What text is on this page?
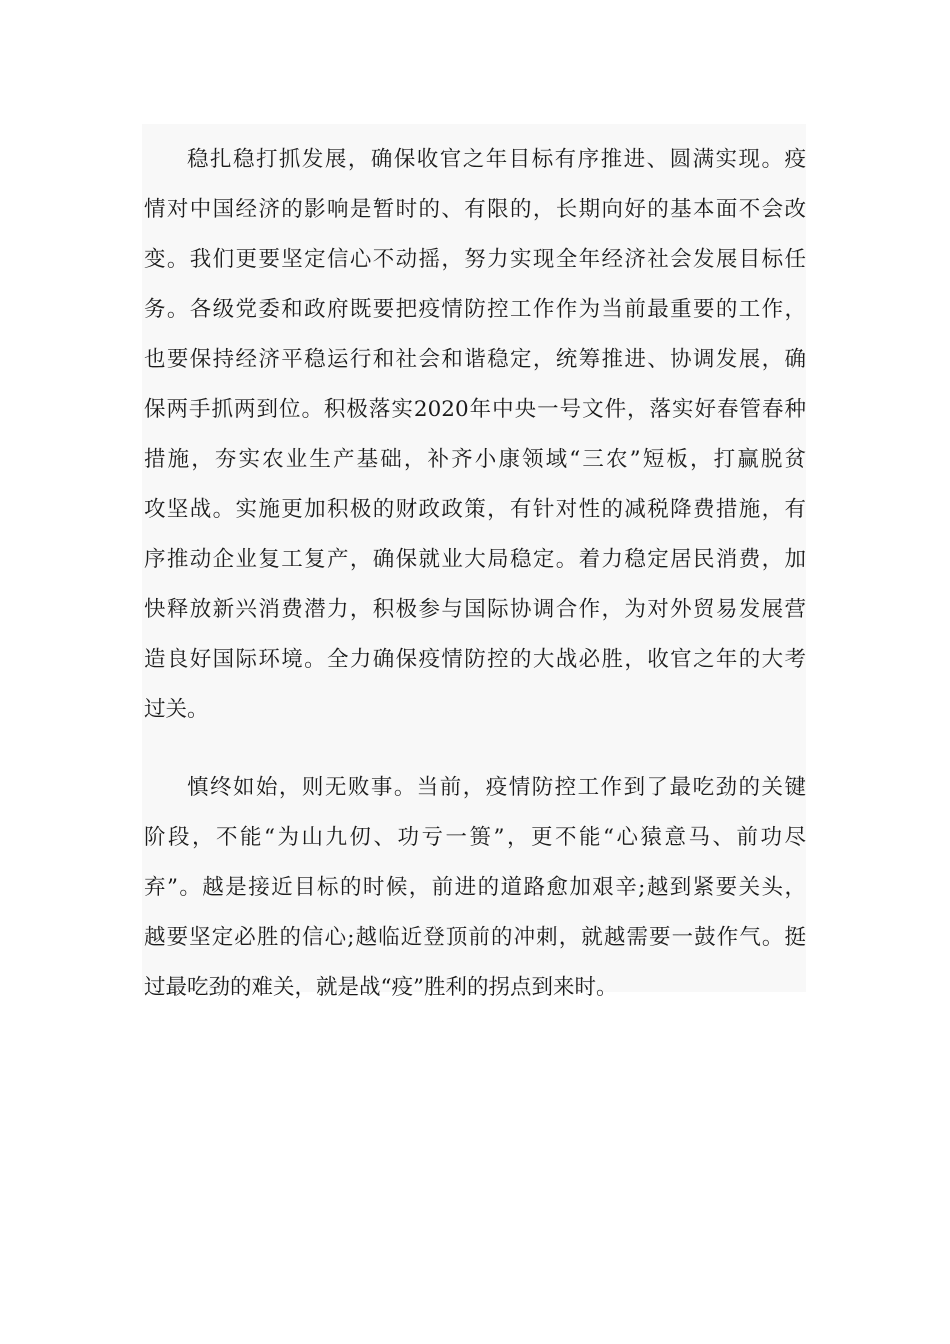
稳扎稳打抓发展，确保收官之年目标有序推进、圆满实现。疫
情对中国经济的影响是暂时的、有限的，长期向好的基本面不会改
变。我们更要坚定信心不动摇，努力实现全年经济社会发展目标任
务。各级党委和政府既要把疫情防控工作作为当前最重要的工作，
也要保持经济平稳运行和社会和谐稳定，统筹推进、协调发展，确
保两手抓两到位。积极落实2020年中央一号文件，落实好春管春种
措施，夯实农业生产基础，补齐小康领域“三农”短板，打赢脱贫
攻坚战。实施更加积极的财政政策，有针对性的减税降费措施，有
序推动企业复工复产，确保就业大局稳定。着力稳定居民消费，加
快释放新兴消费潜力，积极参与国际协调合作，为对外贸易发展营
造良好国际环境。全力确保疫情防控的大战必胜，收官之年的大考
过关。
慎终如始，则无败事。当前，疫情防控工作到了最吃劲的关键
阶段，不能“为山九仞、功亏一篑”，更不能“心猿意马、前功尽
弃”。越是接近目标的时候，前进的道路愈加艰辛;越到紧要关头，
越要坚定必胜的信心;越临近登顶前的冲刺，就越需要一鼓作气。挺
过最吃劲的难关，就是战“疫”胜利的拐点到来时。
